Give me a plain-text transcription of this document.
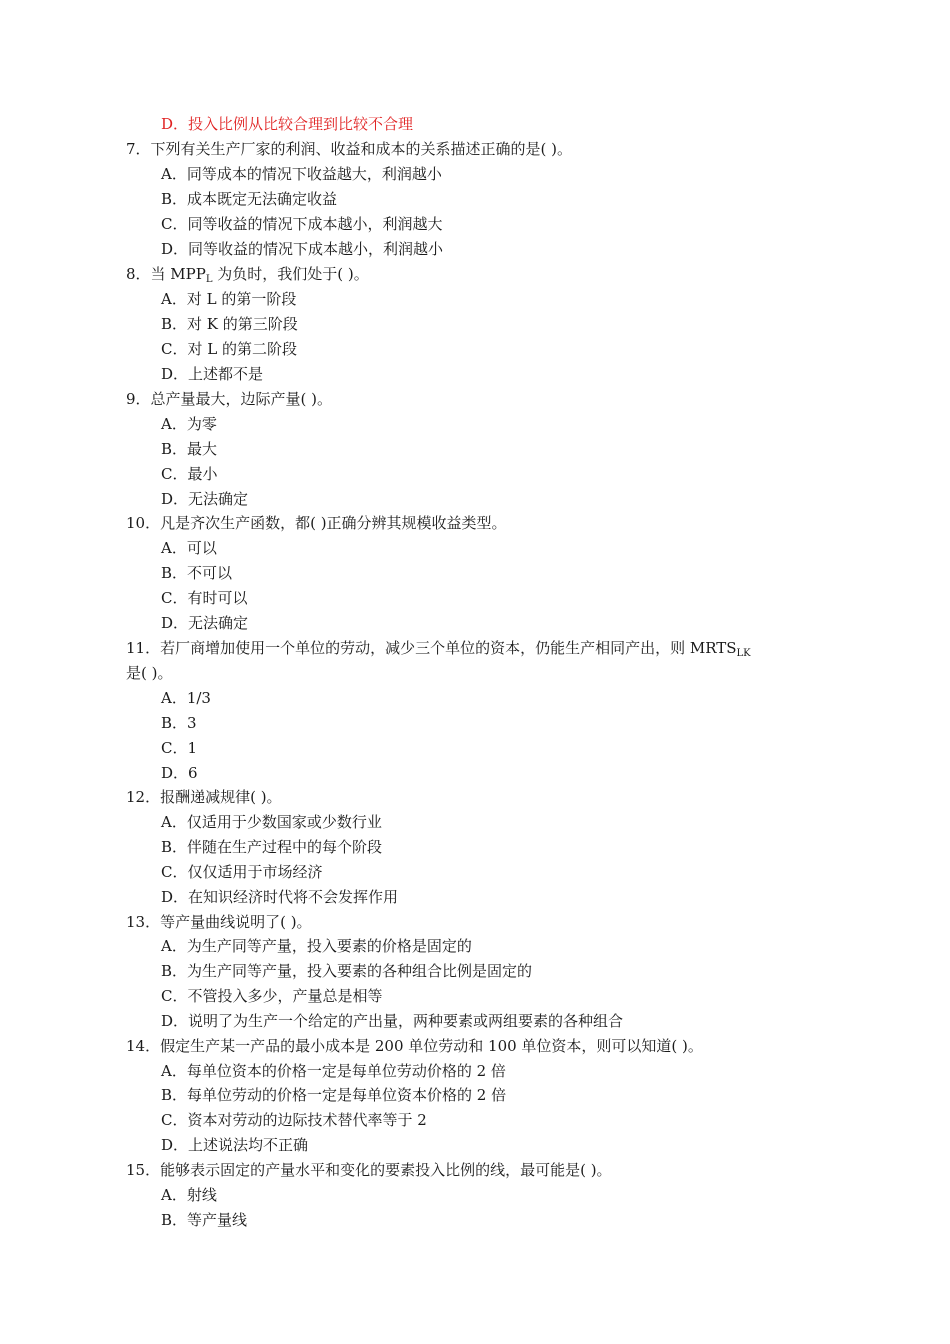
D．投入比例从比较合理到比较不合理
7．下列有关生产厂家的利润、收益和成本的关系描述正确的是( )。
A．同等成本的情况下收益越大，利润越小
B．成本既定无法确定收益
C．同等收益的情况下成本越小，利润越大
D．同等收益的情况下成本越小，利润越小
8．当 $MPP_L$ 为负时，我们处于( )。
A．对 L 的第一阶段
B．对 K 的第三阶段
C．对 L 的第二阶段
D．上述都不是
9．总产量最大，边际产量( )。
A．为零
B．最大
C．最小
D．无法确定
10．凡是齐次生产函数，都( )正确分辨其规模收益类型。
A．可以
B．不可以
C．有时可以
D．无法确定
11．若厂商增加使用一个单位的劳动，减少三个单位的资本，仍能生产相同产出，则 $MRTS_{LK}$
是( )。
A．1/3
B．3
C．1
D．6
12．报酬递减规律( )。
A．仅适用于少数国家或少数行业
B．伴随在生产过程中的每个阶段
C．仅仅适用于市场经济
D．在知识经济时代将不会发挥作用
13．等产量曲线说明了( )。
A．为生产同等产量，投入要素的价格是固定的
B．为生产同等产量，投入要素的各种组合比例是固定的
C．不管投入多少，产量总是相等
D．说明了为生产一个给定的产出量，两种要素或两组要素的各种组合
14．假定生产某一产品的最小成本是 200 单位劳动和 100 单位资本，则可以知道( )。
A．每单位资本的价格一定是每单位劳动价格的 2 倍
B．每单位劳动的价格一定是每单位资本价格的 2 倍
C．资本对劳动的边际技术替代率等于 2
D．上述说法均不正确
15．能够表示固定的产量水平和变化的要素投入比例的线，最可能是( )。
A．射线
B．等产量线
